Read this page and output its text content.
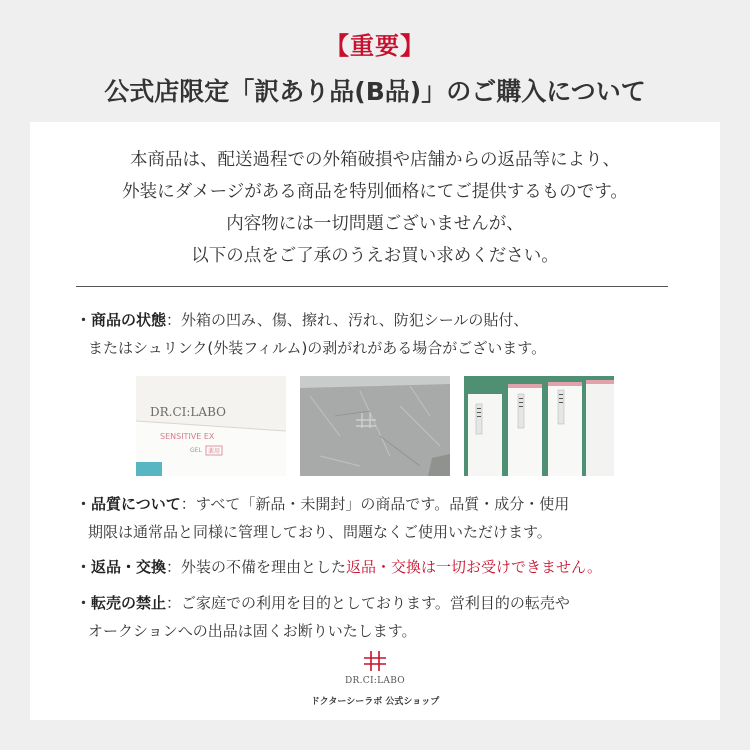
【重要】
公式店限定「訳あり品(B品)」のご購入について
本商品は、配送過程での外箱破損や店舗からの返品等により、
外装にダメージがある商品を特別価格にてご提供するものです。
内容物には一切問題ございませんが、
以下の点をご了承のうえお買い求めください。
・商品の状態：外箱の凹み、傷、擦れ、汚れ、防犯シールの貼付、
またはシュリンク(外装フィルム)の剥がれがある場合がございます。
DR.CI:LABO
SENSITIVE EX
GEL 薬用
・品質について：すべて「新品・未開封」の商品です。品質・成分・使用
期限は通常品と同様に管理しており、問題なくご使用いただけます。
・返品・交換：外装の不備を理由とした返品・交換は一切お受けできません。
・転売の禁止：ご家庭での利用を目的としております。営利目的の転売や
オークションへの出品は固くお断りいたします。
DR.CI:LABO
ドクターシーラボ 公式ショップ
